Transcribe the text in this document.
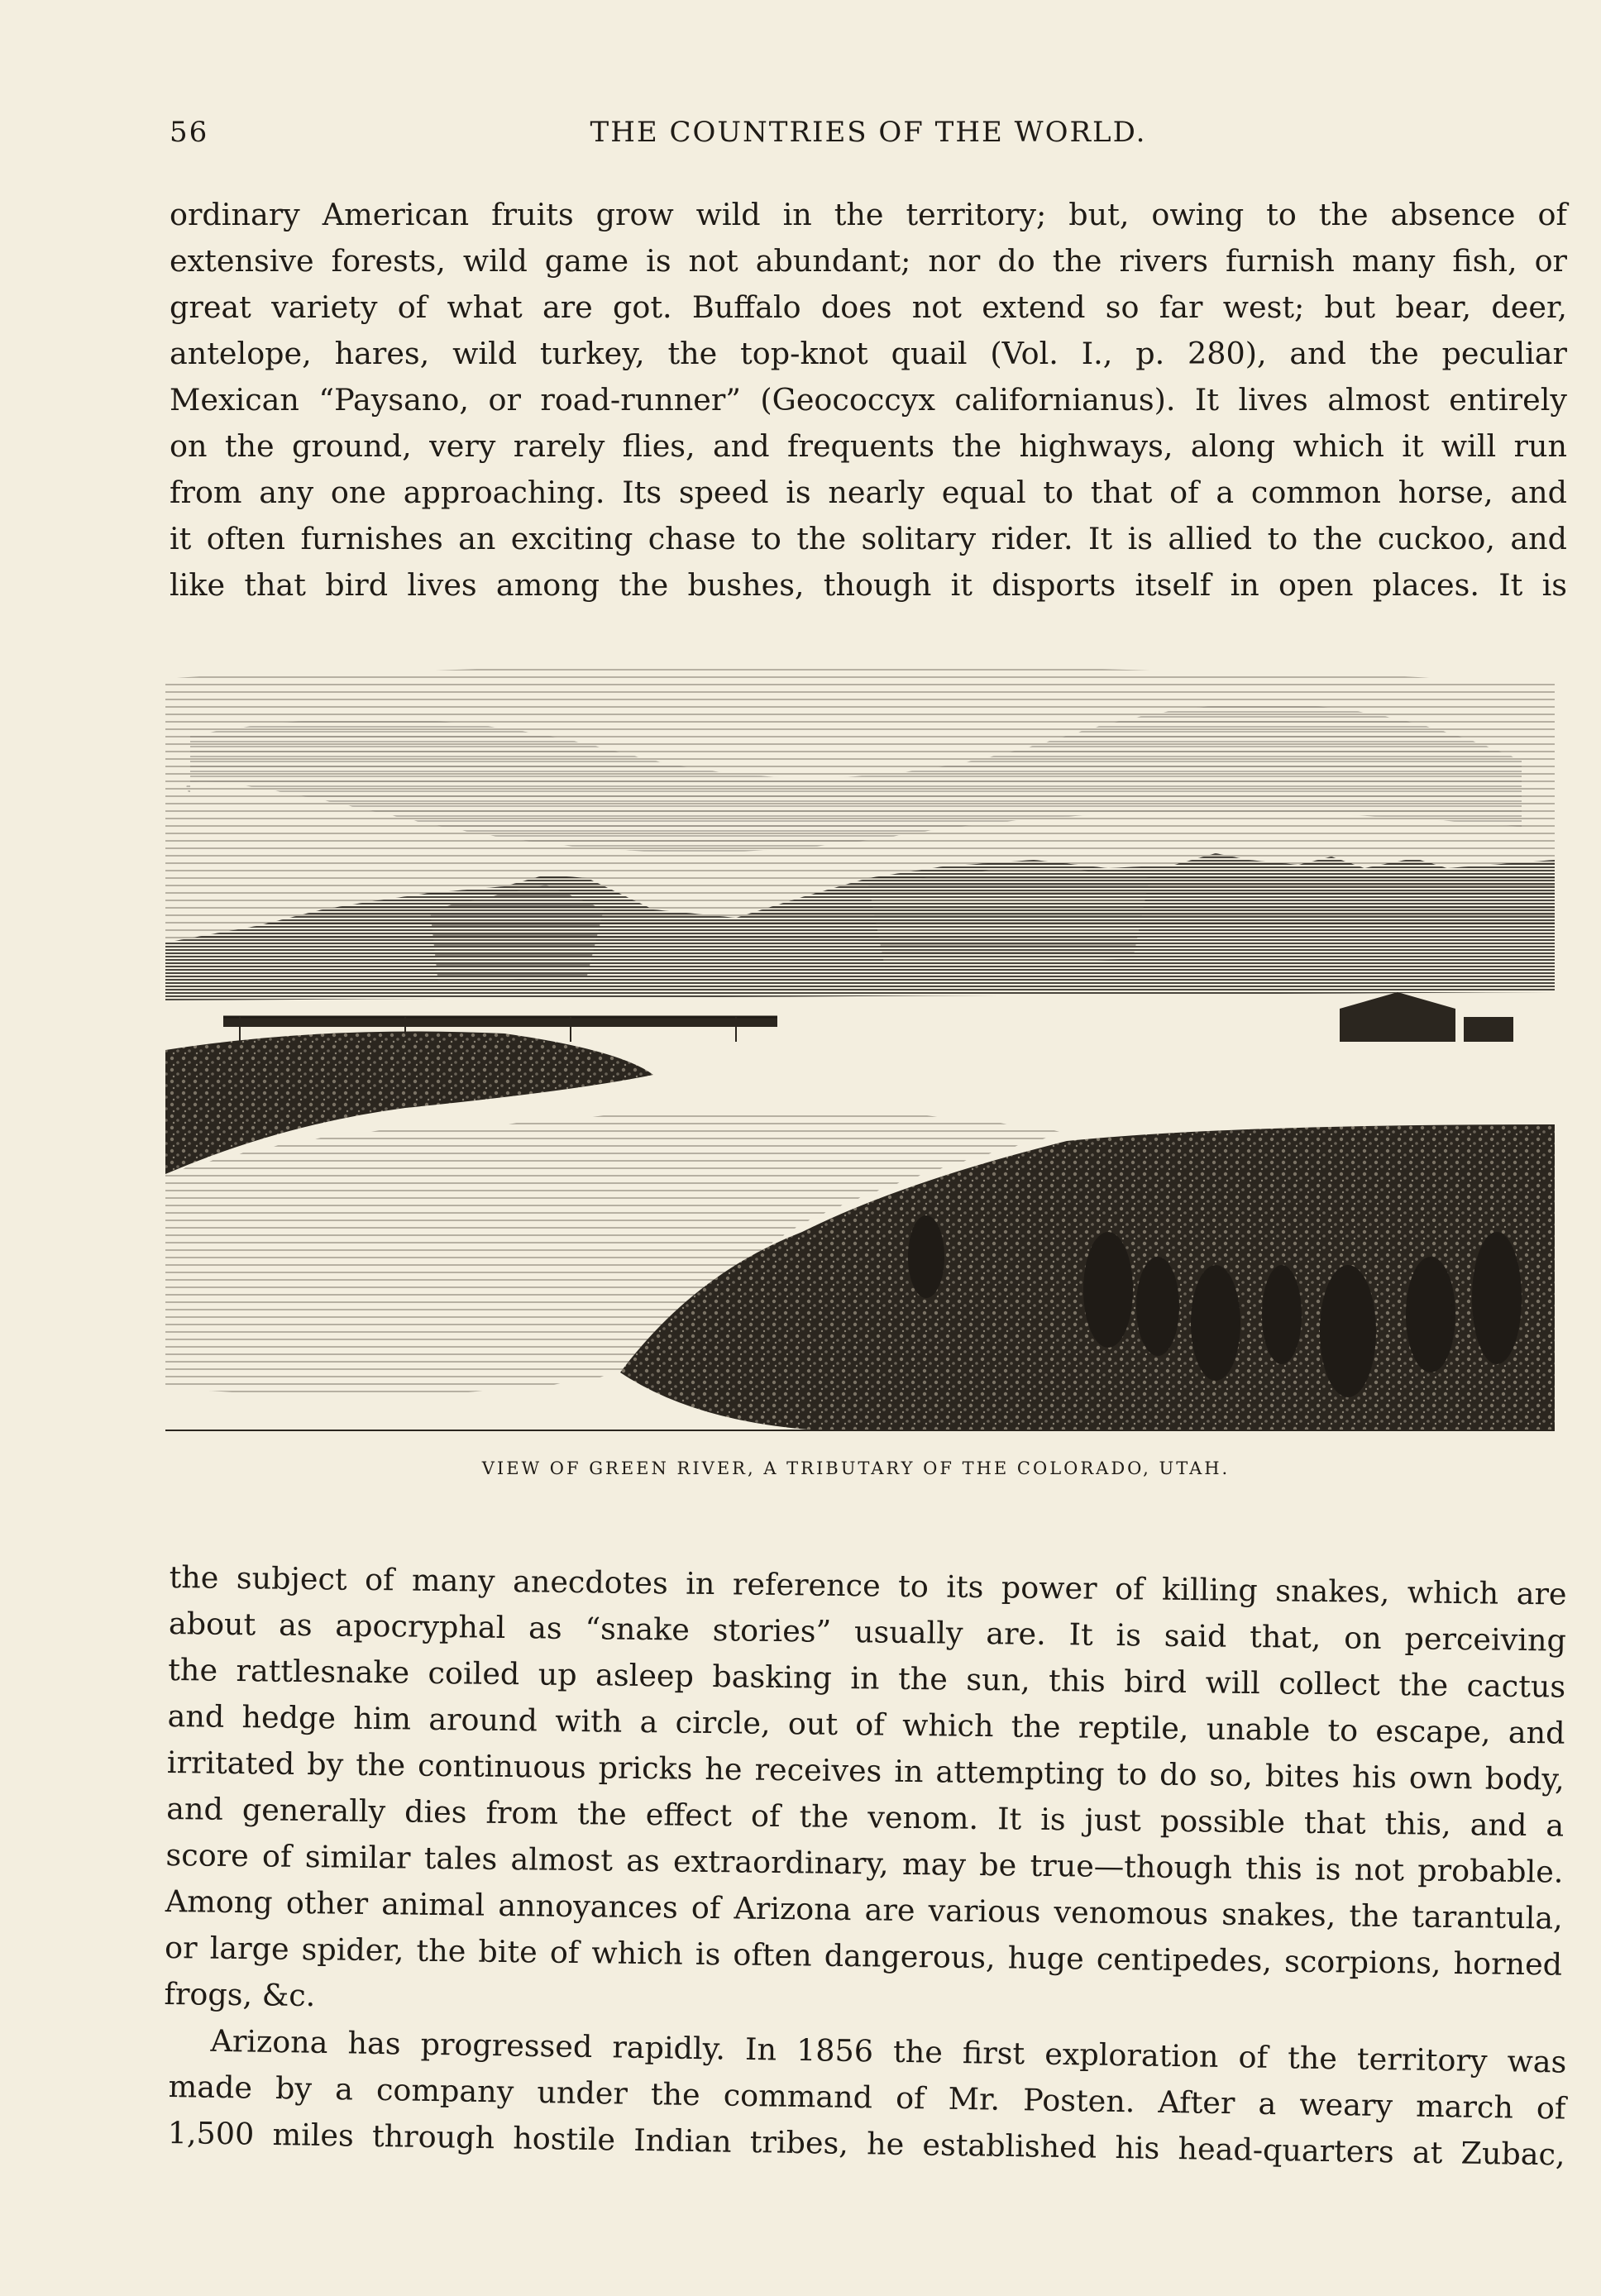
56	THE COUNTRIES OF THE WORLD.
ordinary American fruits grow wild in the territory; but, owing to the absence of
extensive forests, wild game is not abundant; nor do the rivers furnish many fish, or
great variety of what are got. Buffalo does not extend so far west; but bear, deer,
antelope, hares, wild turkey, the top-knot quail (Vol. I., p. 280), and the peculiar
Mexican “Paysano, or road-runner” (Geococcyx californianus). It lives almost entirely
on the ground, very rarely flies, and frequents the highways, along which it will run
from any one approaching. Its speed is nearly equal to that of a common horse, and
it often furnishes an exciting chase to the solitary rider. It is allied to the cuckoo, and
like that bird lives among the bushes, though it disports itself in open places. It is
VIEW OF GREEN RIVER, A TRIBUTARY OF THE COLORADO, UTAH.
the subject of many anecdotes in reference to its power of killing snakes, which are
about as apocryphal as “snake stories” usually are. It is said that, on perceiving
the rattlesnake coiled up asleep basking in the sun, this bird will collect the cactus
and hedge him around with a circle, out of which the reptile, unable to escape, and
irritated by the continuous pricks he receives in attempting to do so, bites his own body,
and generally dies from the effect of the venom. It is just possible that this, and a
score of similar tales almost as extraordinary, may be true—though this is not probable.
Among other animal annoyances of Arizona are various venomous snakes, the tarantula,
or large spider, the bite of which is often dangerous, huge centipedes, scorpions, horned
frogs, &c.
Arizona has progressed rapidly. In 1856 the first exploration of the territory was
made by a company under the command of Mr. Posten. After a weary march of
1,500 miles through hostile Indian tribes, he established his head-quarters at Zubac,
